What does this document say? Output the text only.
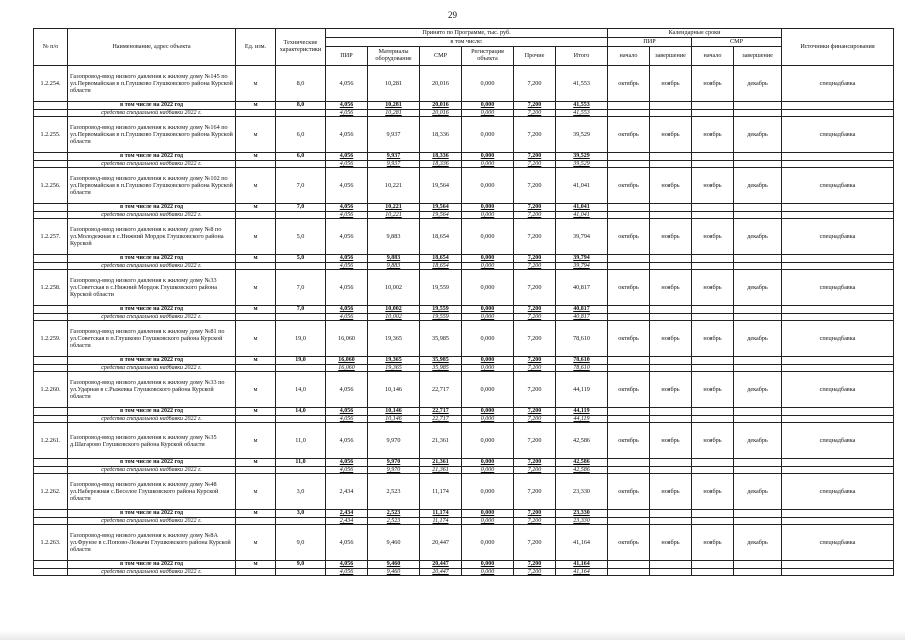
29
№ п/о	Наименование, адрес объекта	Ед. изм.	Технические характеристики	Принято по Программе, тыс. руб.						Календарные сроки				Источники финансирования
				в том числе:						ПИР		СМР		
				ПИР	Материалы оборудование	СМР	Регистрация объекта	Прочие	Итого	начало	завершение	начало	завершение	

1.2.254.	Газопровод-ввод низкого давления к жилому дому №145 по ул.Первомайская в п.Глушково Глушковского района Курской области	м	8,0	4,056	10,281	20,016	0,000	7,200	41,553	октябрь	ноябрь	ноябрь	декабрь	спецнадбавка
	в том числе на 2022 год	м	8,0	4,056	10,281	20,016	0,000	7,200	41,553					
	средства специальной надбавки 2022 г.			4,056	10,281	20,016	0,000	7,200	41,553					
1.2.255.	Газопровод-ввод низкого давления к жилому дому №164 по ул.Первомайская в п.Глушково Глушковского района Курской области	м	6,0	4,056	9,937	18,336	0,000	7,200	39,529	октябрь	ноябрь	ноябрь	декабрь	спецнадбавка
	в том числе на 2022 год	м	6,0	4,056	9,937	18,336	0,000	7,200	39,529					
	средства специальной надбавки 2022 г.			4,056	9,937	18,336	0,000	7,200	39,529					
1.2.256.	Газопровод-ввод низкого давления к жилому дому №102 по ул.Первомайская в п.Глушково Глушковского района Курской области	м	7,0	4,056	10,221	19,564	0,000	7,200	41,041	октябрь	ноябрь	ноябрь	декабрь	спецнадбавка
	в том числе на 2022 год	м	7,0	4,056	10,221	19,564	0,000	7,200	41,041					
	средства специальной надбавки 2022 г.			4,056	10,221	19,564	0,000	7,200	41,041					
1.2.257.	Газопровод-ввод низкого давления к жилому дому №8 по ул.Молодежная в с.Нижний Мордок Глушковского района Курской	м	5,0	4,056	9,883	18,654	0,000	7,200	39,794	октябрь	ноябрь	ноябрь	декабрь	спецнадбавка
	в том числе на 2022 год	м	5,0	4,056	9,883	18,654	0,000	7,200	39,794					
	средства специальной надбавки 2022 г.			4,056	9,883	18,654	0,000	7,200	39,794					
1.2.258.	Газопровод-ввод низкого давления к жилому дому №33 ул.Советская в с.Нижний Мордок Глушковского района Курской области	м	7,0	4,056	10,002	19,559	0,000	7,200	40,817	октябрь	ноябрь	ноябрь	декабрь	спецнадбавка
	в том числе на 2022 год	м	7,0	4,056	10,002	19,559	0,000	7,200	40,817					
	средства специальной надбавки 2022 г.			4,056	10,002	19,559	0,000	7,200	40,817					
1.2.259.	Газопровод-ввод низкого давления к жилому дому №81 по ул.Советская в п.Глушково Глушковского района Курской области	м	19,0	16,060	19,365	35,985	0,000	7,200	78,610	октябрь	ноябрь	ноябрь	декабрь	спецнадбавка
	в том числе на 2022 год	м	19,0	16,060	19,365	35,985	0,000	7,200	78,610					
	средства специальной надбавки 2022 г.			16,060	19,365	35,985	0,000	7,200	78,610					
1.2.260.	Газопровод-ввод низкого давления к жилому дому №33 по ул.Ударная в с.Рыжевка Глушковского района Курской области	м	14,0	4,056	10,146	22,717	0,000	7,200	44,119	октябрь	ноябрь	ноябрь	декабрь	спецнадбавка
	в том числе на 2022 год	м	14,0	4,056	10,146	22,717	0,000	7,200	44,119					
	средства специальной надбавки 2022 г.			4,056	10,146	22,717	0,000	7,200	44,119					
1.2.261.	Газопровод-ввод низкого давления к жилому дому №35 д.Шагарово Глушковского района Курской области	м	11,0	4,056	9,970	21,361	0,000	7,200	42,586	октябрь	ноябрь	ноябрь	декабрь	спецнадбавка
	в том числе на 2022 год	м	11,0	4,056	9,970	21,361	0,000	7,200	42,586					
	средства специальной надбавки 2022 г.			4,056	9,970	21,361	0,000	7,200	42,586					
1.2.262.	Газопровод-ввод низкого давления к жилому дому №48 ул.Набережная с.Веселое Глушковского района Курской области	м	3,0	2,434	2,523	11,174	0,000	7,200	23,330	октябрь	ноябрь	ноябрь	декабрь	спецнадбавка
	в том числе на 2022 год	м	3,0	2,434	2,523	11,174	0,000	7,200	23,330					
	средства специальной надбавки 2022 г.			2,434	2,523	11,174	0,000	7,200	23,330					
1.2.263.	Газопровод-ввод низкого давления к жилому дому №8А ул.Фрунзе в с.Попово-Лежачи Глушковского района Курской области	м	9,0	4,056	9,460	20,447	0,000	7,200	41,164	октябрь	ноябрь	ноябрь	декабрь	спецнадбавка
	в том числе на 2022 год	м	9,0	4,056	9,460	20,447	0,000	7,200	41,164					
	средства специальной надбавки 2022 г.			4,056	9,460	20,447	0,000	7,200	41,164					
